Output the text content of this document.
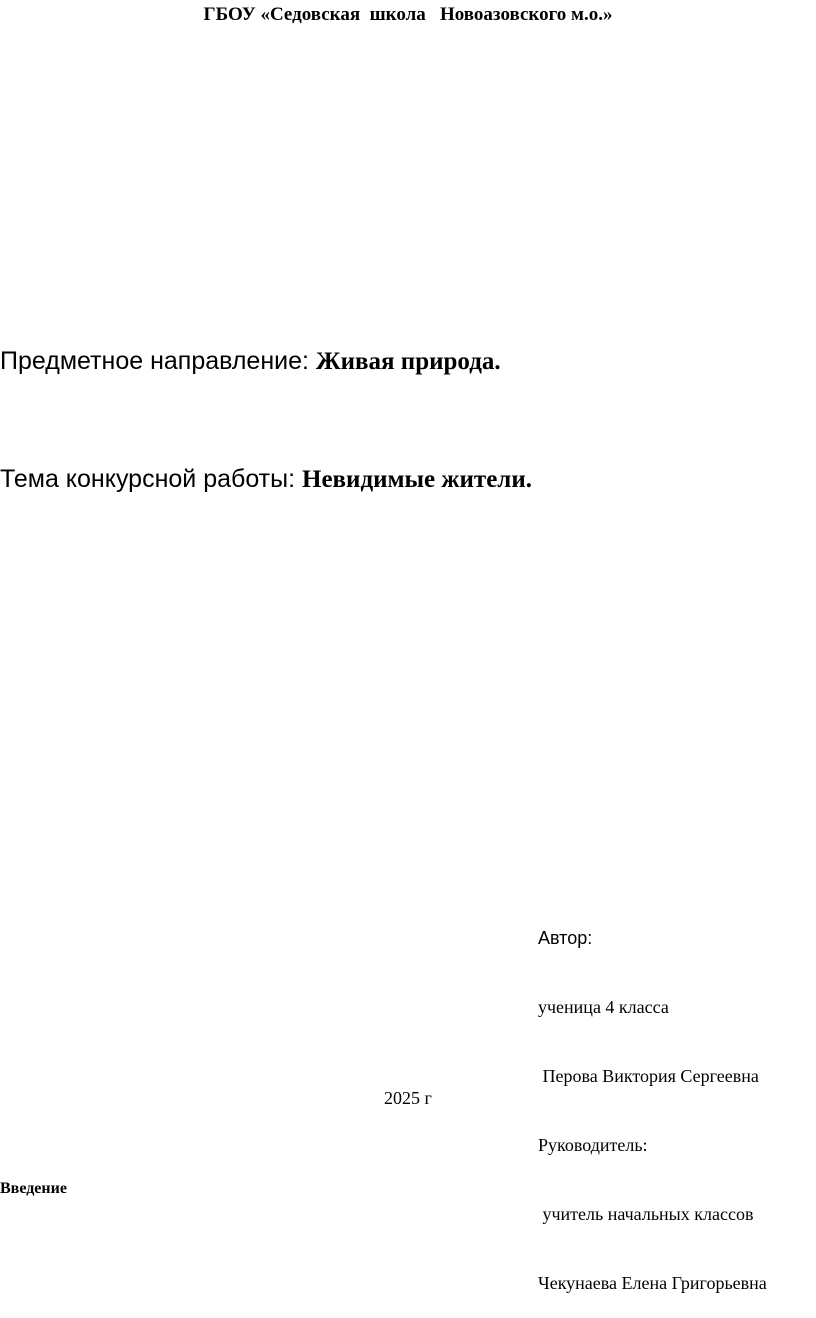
ГБОУ «Седовская  школа   Новоазовского м.о.»
Предметное направление: Живая природа.
Тема конкурсной работы: Невидимые жители.

Автор:

ученица 4 класса

Перова Виктория Сергеевна

Руководитель:

учитель начальных классов

Чекунаева Елена Григорьевна

2025 г
Введение
